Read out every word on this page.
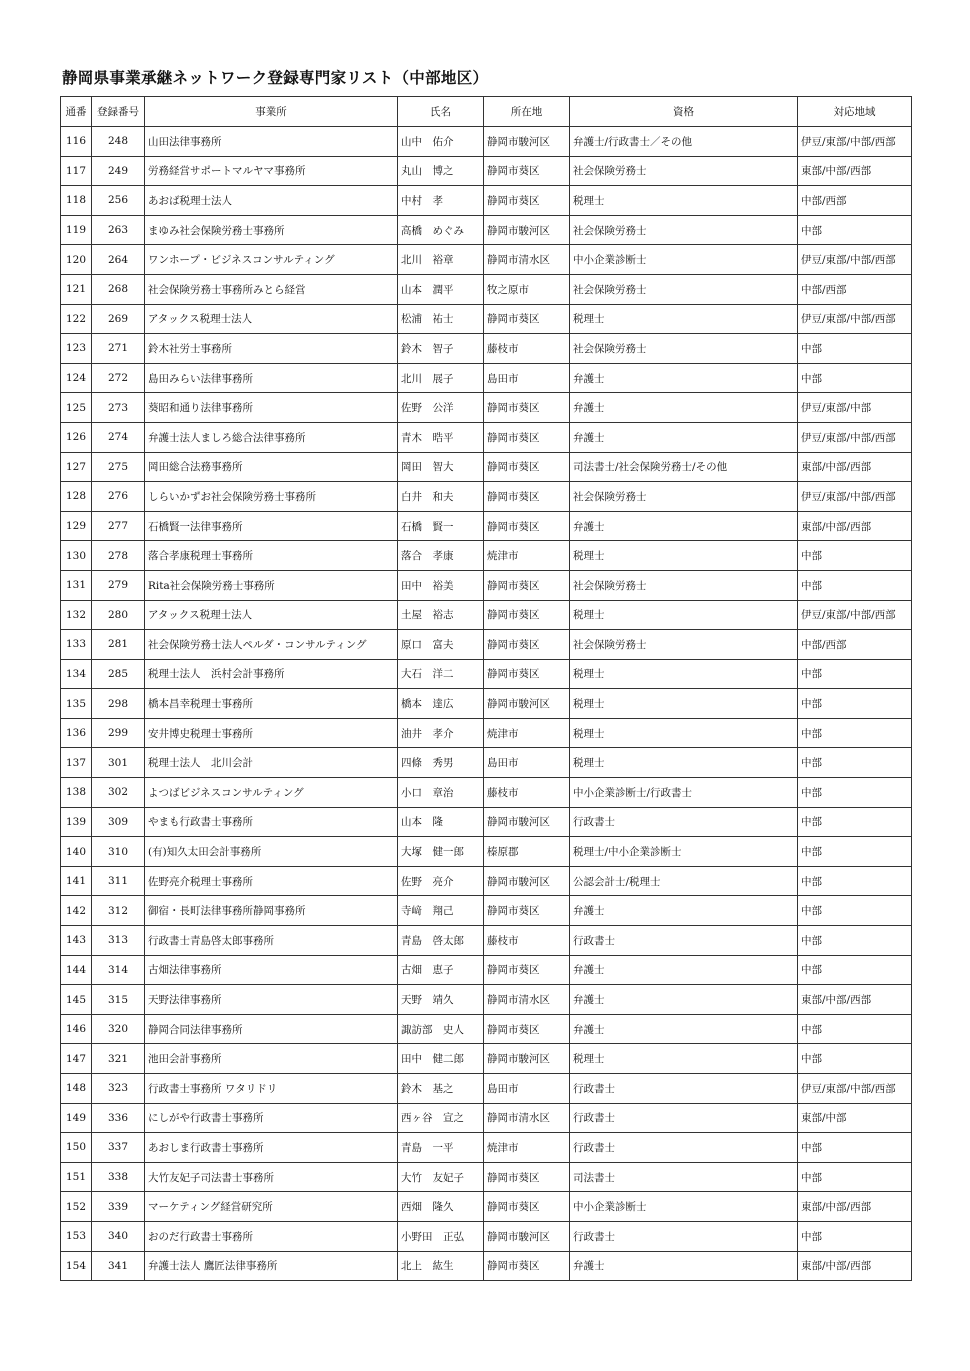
静岡県事業承継ネットワーク登録専門家リスト（中部地区）
通番	登録番号	事業所	氏名	所在地	資格	対応地域
116	248	山田法律事務所	山中　佑介	静岡市駿河区	弁護士/行政書士／その他	伊豆/東部/中部/西部
117	249	労務経営サポートマルヤマ事務所	丸山　博之	静岡市葵区	社会保険労務士	東部/中部/西部
118	256	あおば税理士法人	中村　孝	静岡市葵区	税理士	中部/西部
119	263	まゆみ社会保険労務士事務所	高橋　めぐみ	静岡市駿河区	社会保険労務士	中部
120	264	ワンホープ・ビジネスコンサルティング	北川　裕章	静岡市清水区	中小企業診断士	伊豆/東部/中部/西部
121	268	社会保険労務士事務所みとら経営	山本　潤平	牧之原市	社会保険労務士	中部/西部
122	269	アタックス税理士法人	松浦　祐士	静岡市葵区	税理士	伊豆/東部/中部/西部
123	271	鈴木社労士事務所	鈴木　智子	藤枝市	社会保険労務士	中部
124	272	島田みらい法律事務所	北川　展子	島田市	弁護士	中部
125	273	葵昭和通り法律事務所	佐野　公洋	静岡市葵区	弁護士	伊豆/東部/中部
126	274	弁護士法人ましろ総合法律事務所	青木　晧平	静岡市葵区	弁護士	伊豆/東部/中部/西部
127	275	岡田総合法務事務所	岡田　智大	静岡市葵区	司法書士/社会保険労務士/その他	東部/中部/西部
128	276	しらいかずお社会保険労務士事務所	白井　和夫	静岡市葵区	社会保険労務士	伊豆/東部/中部/西部
129	277	石橋賢一法律事務所	石橋　賢一	静岡市葵区	弁護士	東部/中部/西部
130	278	落合孝康税理士事務所	落合　孝康	焼津市	税理士	中部
131	279	Rita社会保険労務士事務所	田中　裕美	静岡市葵区	社会保険労務士	中部
132	280	アタックス税理士法人	土屋　裕志	静岡市葵区	税理士	伊豆/東部/中部/西部
133	281	社会保険労務士法人ペルダ・コンサルティング	原口　富夫	静岡市葵区	社会保険労務士	中部/西部
134	285	税理士法人　浜村会計事務所	大石　洋二	静岡市葵区	税理士	中部
135	298	橋本昌幸税理士事務所	橋本　達広	静岡市駿河区	税理士	中部
136	299	安井博史税理士事務所	油井　孝介	焼津市	税理士	中部
137	301	税理士法人　北川会計	四條　秀男	島田市	税理士	中部
138	302	よつばビジネスコンサルティング	小口　章治	藤枝市	中小企業診断士/行政書士	中部
139	309	やまも行政書士事務所	山本　隆	静岡市駿河区	行政書士	中部
140	310	(有)知久太田会計事務所	大塚　健一郎	榛原郡	税理士/中小企業診断士	中部
141	311	佐野亮介税理士事務所	佐野　亮介	静岡市駿河区	公認会計士/税理士	中部
142	312	御宿・長町法律事務所静岡事務所	寺﨑　翔己	静岡市葵区	弁護士	中部
143	313	行政書士青島啓太郎事務所	青島　啓太郎	藤枝市	行政書士	中部
144	314	古畑法律事務所	古畑　恵子	静岡市葵区	弁護士	中部
145	315	天野法律事務所	天野　靖久	静岡市清水区	弁護士	東部/中部/西部
146	320	静岡合同法律事務所	諏訪部　史人	静岡市葵区	弁護士	中部
147	321	池田会計事務所	田中　健二郎	静岡市駿河区	税理士	中部
148	323	行政書士事務所 ワタリドリ	鈴木　基之	島田市	行政書士	伊豆/東部/中部/西部
149	336	にしがや行政書士事務所	西ヶ谷　宣之	静岡市清水区	行政書士	東部/中部
150	337	あおしま行政書士事務所	青島　一平	焼津市	行政書士	中部
151	338	大竹友妃子司法書士事務所	大竹　友妃子	静岡市葵区	司法書士	中部
152	339	マーケティング経営研究所	西畑　隆久	静岡市葵区	中小企業診断士	東部/中部/西部
153	340	おのだ行政書士事務所	小野田　正弘	静岡市駿河区	行政書士	中部
154	341	弁護士法人 鷹匠法律事務所	北上　紘生	静岡市葵区	弁護士	東部/中部/西部
